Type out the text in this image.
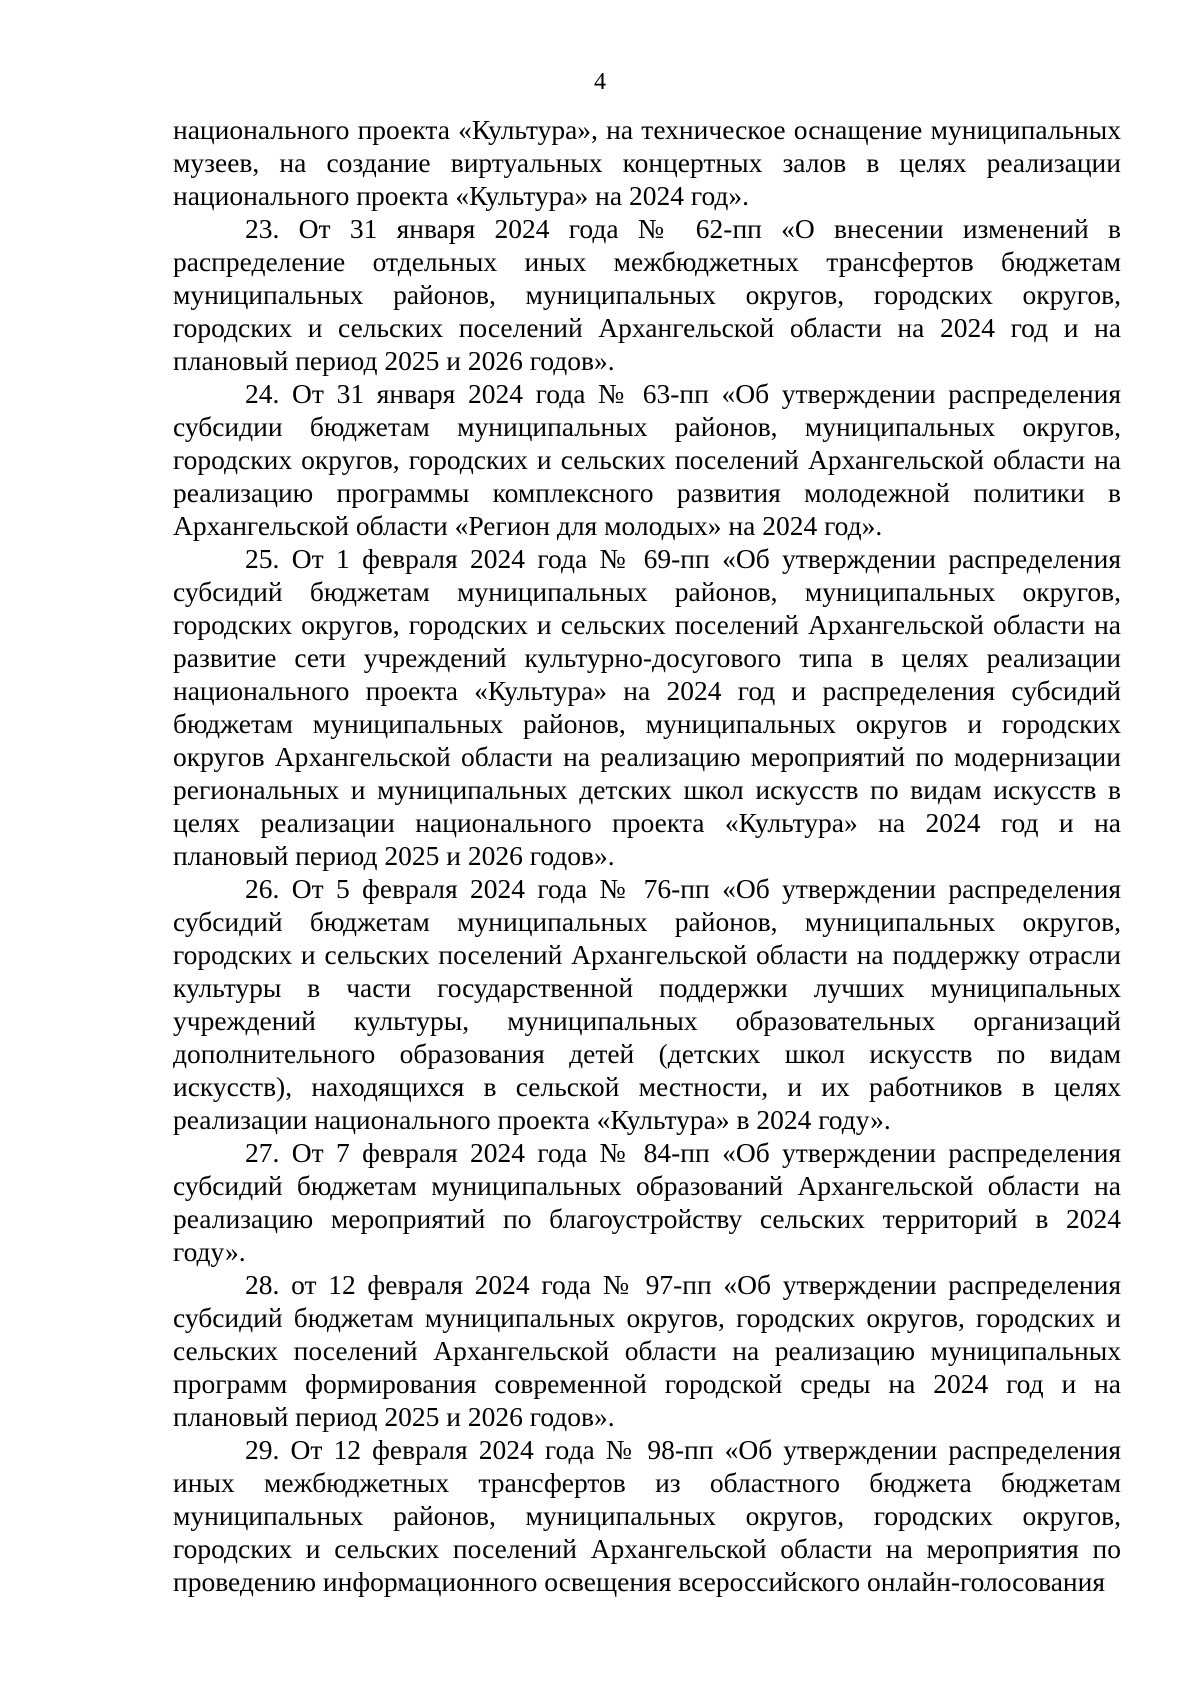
4

национального проекта «Культура», на техническое оснащение муниципальных музеев, на создание виртуальных концертных залов в целях реализации национального проекта «Культура» на 2024 год».

23. От 31 января 2024 года № 62-пп «О внесении изменений в распределение отдельных иных межбюджетных трансфертов бюджетам муниципальных районов, муниципальных округов, городских округов, городских и сельских поселений Архангельской области на 2024 год и на плановый период 2025 и 2026 годов».

24. От 31 января 2024 года № 63-пп «Об утверждении распределения субсидии бюджетам муниципальных районов, муниципальных округов, городских округов, городских и сельских поселений Архангельской области на реализацию программы комплексного развития молодежной политики в Архангельской области «Регион для молодых» на 2024 год».

25. От 1 февраля 2024 года № 69-пп «Об утверждении распределения субсидий бюджетам муниципальных районов, муниципальных округов, городских округов, городских и сельских поселений Архангельской области на развитие сети учреждений культурно-досугового типа в целях реализации национального проекта «Культура» на 2024 год и распределения субсидий бюджетам муниципальных районов, муниципальных округов и городских округов Архангельской области на реализацию мероприятий по модернизации региональных и муниципальных детских школ искусств по видам искусств в целях реализации национального проекта «Культура» на 2024 год и на плановый период 2025 и 2026 годов».

26. От 5 февраля 2024 года № 76-пп «Об утверждении распределения субсидий бюджетам муниципальных районов, муниципальных округов, городских и сельских поселений Архангельской области на поддержку отрасли культуры в части государственной поддержки лучших муниципальных учреждений культуры, муниципальных образовательных организаций дополнительного образования детей (детских школ искусств по видам искусств), находящихся в сельской местности, и их работников в целях реализации национального проекта «Культура» в 2024 году».

27. От 7 февраля 2024 года № 84-пп «Об утверждении распределения субсидий бюджетам муниципальных образований Архангельской области на реализацию мероприятий по благоустройству сельских территорий в 2024 году».

28. от 12 февраля 2024 года № 97-пп «Об утверждении распределения субсидий бюджетам муниципальных округов, городских округов, городских и сельских поселений Архангельской области на реализацию муниципальных программ формирования современной городской среды на 2024 год и на плановый период 2025 и 2026 годов».

29. От 12 февраля 2024 года № 98-пп «Об утверждении распределения иных межбюджетных трансфертов из областного бюджета бюджетам муниципальных районов, муниципальных округов, городских округов, городских и сельских поселений Архангельской области на мероприятия по проведению информационного освещения всероссийского онлайн-голосования
